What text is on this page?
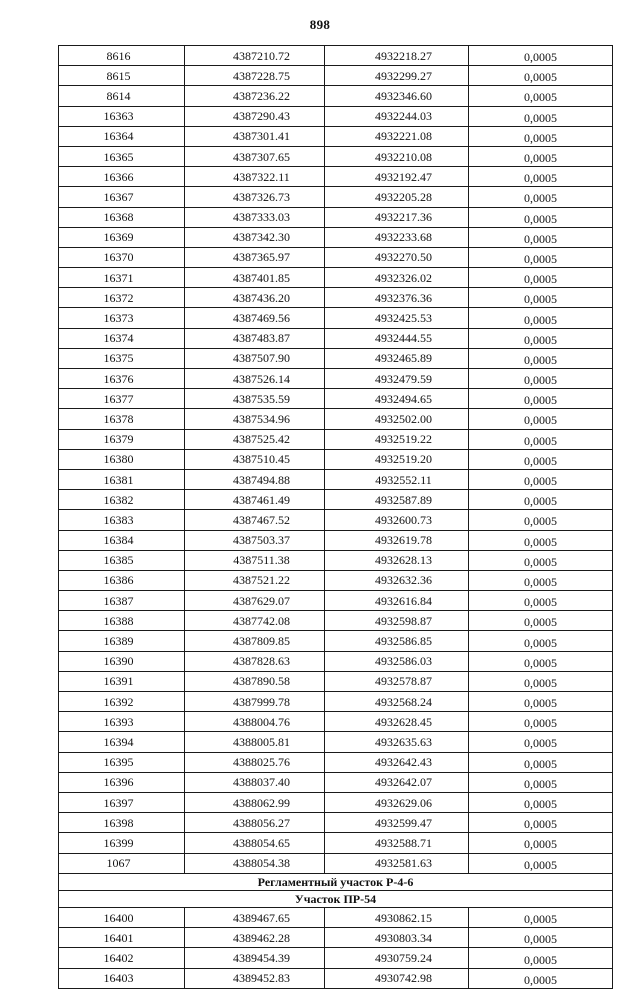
898
8616	4387210.72	4932218.27	0,0005
8615	4387228.75	4932299.27	0,0005
8614	4387236.22	4932346.60	0,0005
16363	4387290.43	4932244.03	0,0005
16364	4387301.41	4932221.08	0,0005
16365	4387307.65	4932210.08	0,0005
16366	4387322.11	4932192.47	0,0005
16367	4387326.73	4932205.28	0,0005
16368	4387333.03	4932217.36	0,0005
16369	4387342.30	4932233.68	0,0005
16370	4387365.97	4932270.50	0,0005
16371	4387401.85	4932326.02	0,0005
16372	4387436.20	4932376.36	0,0005
16373	4387469.56	4932425.53	0,0005
16374	4387483.87	4932444.55	0,0005
16375	4387507.90	4932465.89	0,0005
16376	4387526.14	4932479.59	0,0005
16377	4387535.59	4932494.65	0,0005
16378	4387534.96	4932502.00	0,0005
16379	4387525.42	4932519.22	0,0005
16380	4387510.45	4932519.20	0,0005
16381	4387494.88	4932552.11	0,0005
16382	4387461.49	4932587.89	0,0005
16383	4387467.52	4932600.73	0,0005
16384	4387503.37	4932619.78	0,0005
16385	4387511.38	4932628.13	0,0005
16386	4387521.22	4932632.36	0,0005
16387	4387629.07	4932616.84	0,0005
16388	4387742.08	4932598.87	0,0005
16389	4387809.85	4932586.85	0,0005
16390	4387828.63	4932586.03	0,0005
16391	4387890.58	4932578.87	0,0005
16392	4387999.78	4932568.24	0,0005
16393	4388004.76	4932628.45	0,0005
16394	4388005.81	4932635.63	0,0005
16395	4388025.76	4932642.43	0,0005
16396	4388037.40	4932642.07	0,0005
16397	4388062.99	4932629.06	0,0005
16398	4388056.27	4932599.47	0,0005
16399	4388054.65	4932588.71	0,0005
1067	4388054.38	4932581.63	0,0005
Регламентный участок Р-4-6			
Участок ПР-54			
16400	4389467.65	4930862.15	0,0005
16401	4389462.28	4930803.34	0,0005
16402	4389454.39	4930759.24	0,0005
16403	4389452.83	4930742.98	0,0005
